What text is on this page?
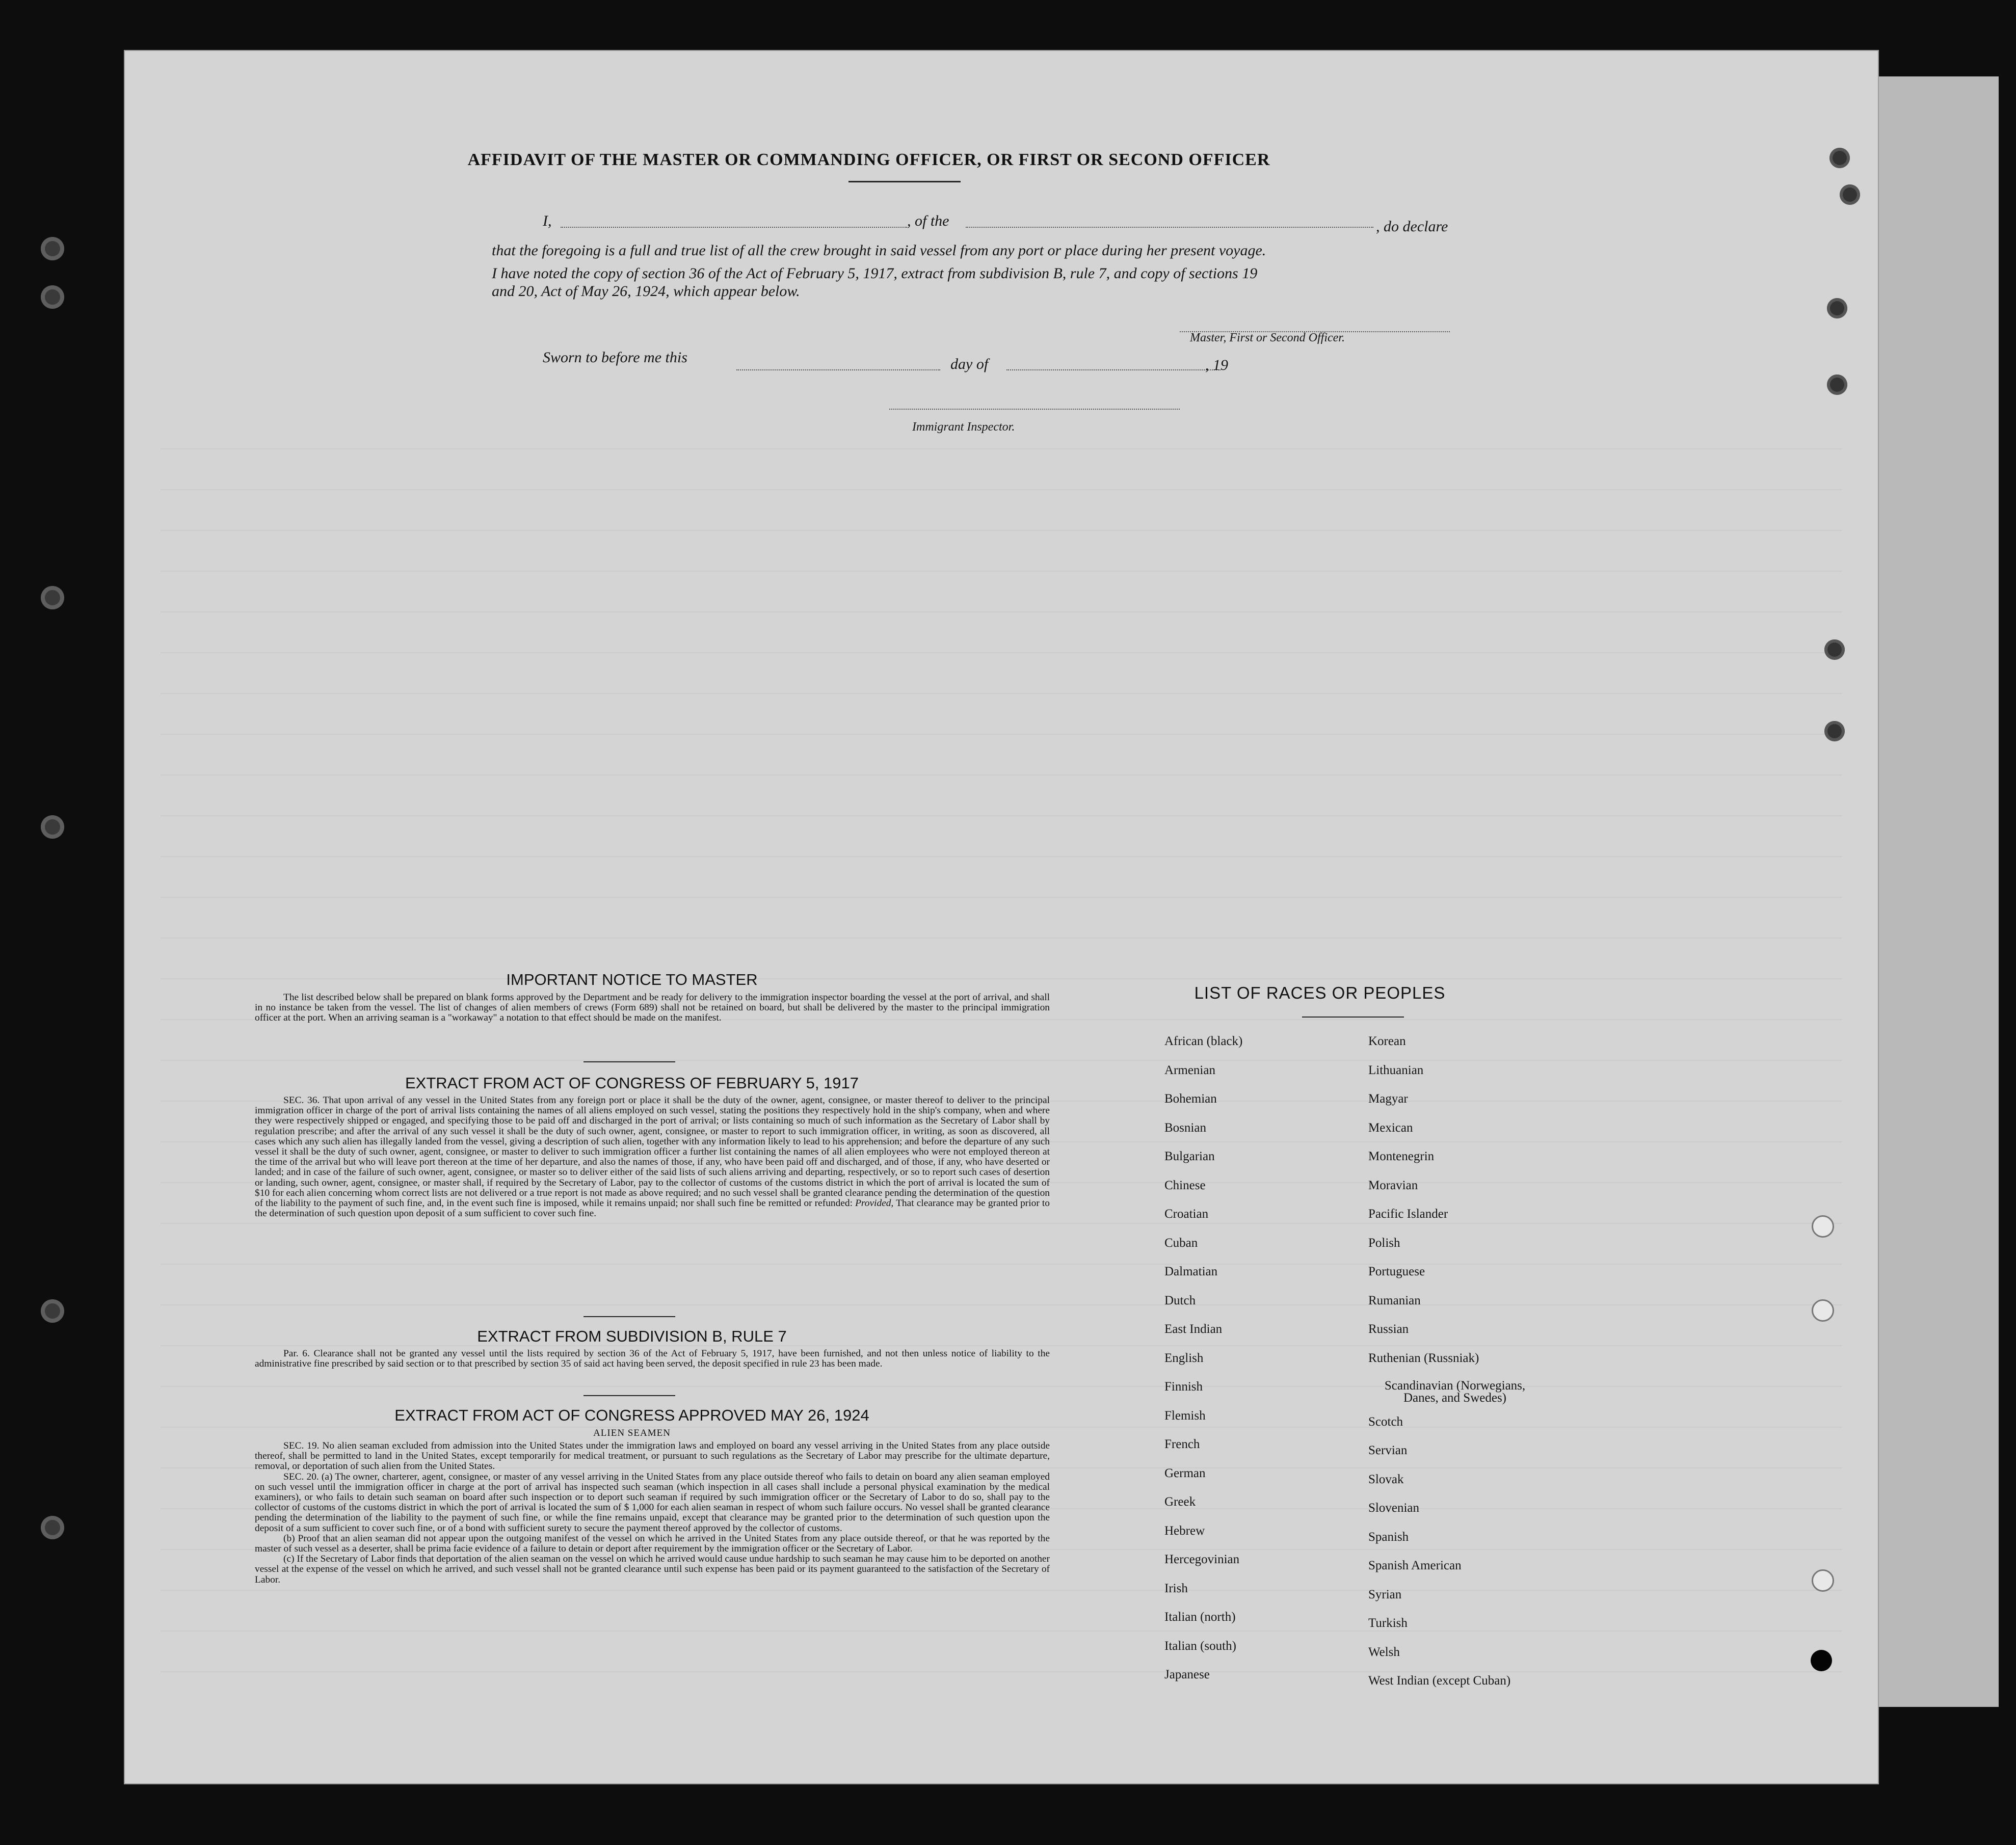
AFFIDAVIT OF THE MASTER OR COMMANDING OFFICER, OR FIRST OR SECOND OFFICER
I,	, of the	, do declare
that the foregoing is a full and true list of all the crew brought in said vessel from any port or place during her present voyage.
I have noted the copy of section 36 of the Act of February 5, 1917, extract from subdivision B, rule 7, and copy of sections 19
and 20, Act of May 26, 1924, which appear below.
Master, First or Second Officer.
Sworn to before me this	day of	, 19
Immigrant Inspector.
IMPORTANT NOTICE TO MASTER

The list described below shall be prepared on blank forms approved by the Department and be ready for delivery to the immigration inspector boarding the vessel at the port of arrival, and shall in no instance be taken from the vessel. The list of changes of alien members of crews (Form 689) shall not be retained on board, but shall be delivered by the master to the principal immigration officer at the port. When an arriving seaman is a "workaway" a notation to that effect should be made on the manifest.

EXTRACT FROM ACT OF CONGRESS OF FEBRUARY 5, 1917

SEC. 36. That upon arrival of any vessel in the United States from any foreign port or place it shall be the duty of the owner, agent, consignee, or master thereof to deliver to the principal immigration officer in charge of the port of arrival lists containing the names of all aliens employed on such vessel, stating the positions they respectively hold in the ship's company, when and where they were respectively shipped or engaged, and specifying those to be paid off and discharged in the port of arrival; or lists containing so much of such information as the Secretary of Labor shall by regulation prescribe; and after the arrival of any such vessel it shall be the duty of such owner, agent, consignee, or master to report to such immigration officer, in writing, as soon as discovered, all cases which any such alien has illegally landed from the vessel, giving a description of such alien, together with any information likely to lead to his apprehension; and before the departure of any such vessel it shall be the duty of such owner, agent, consignee, or master to deliver to such immigration officer a further list containing the names of all alien employees who were not employed thereon at the time of the arrival but who will leave port thereon at the time of her departure, and also the names of those, if any, who have been paid off and discharged, and of those, if any, who have deserted or landed; and in case of the failure of such owner, agent, consignee, or master so to deliver either of the said lists of such aliens arriving and departing, respectively, or so to report such cases of desertion or landing, such owner, agent, consignee, or master shall, if required by the Secretary of Labor, pay to the collector of customs of the customs district in which the port of arrival is located the sum of $10 for each alien concerning whom correct lists are not delivered or a true report is not made as above required; and no such vessel shall be granted clearance pending the determination of the question of the liability to the payment of such fine, and, in the event such fine is imposed, while it remains unpaid; nor shall such fine be remitted or refunded: Provided, That clearance may be granted prior to the determination of such question upon deposit of a sum sufficient to cover such fine.

EXTRACT FROM SUBDIVISION B, RULE 7

Par. 6. Clearance shall not be granted any vessel until the lists required by section 36 of the Act of February 5, 1917, have been furnished, and not then unless notice of liability to the administrative fine prescribed by said section or to that prescribed by section 35 of said act having been served, the deposit specified in rule 23 has been made.

EXTRACT FROM ACT OF CONGRESS APPROVED MAY 26, 1924
ALIEN SEAMEN

SEC. 19. No alien seaman excluded from admission into the United States under the immigration laws and employed on board any vessel arriving in the United States from any place outside thereof, shall be permitted to land in the United States, except temporarily for medical treatment, or pursuant to such regulations as the Secretary of Labor may prescribe for the ultimate departure, removal, or deportation of such alien from the United States.

SEC. 20. (a) The owner, charterer, agent, consignee, or master of any vessel arriving in the United States from any place outside thereof who fails to detain on board any alien seaman employed on such vessel until the immigration officer in charge at the port of arrival has inspected such seaman (which inspection in all cases shall include a personal physical examination by the medical examiners), or who fails to detain such seaman on board after such inspection or to deport such seaman if required by such immigration officer or the Secretary of Labor to do so, shall pay to the collector of customs of the customs district in which the port of arrival is located the sum of $ 1,000 for each alien seaman in respect of whom such failure occurs. No vessel shall be granted clearance pending the determination of the liability to the payment of such fine, or while the fine remains unpaid, except that clearance may be granted prior to the determination of such question upon the deposit of a sum sufficient to cover such fine, or of a bond with sufficient surety to secure the payment thereof approved by the collector of customs.

(b) Proof that an alien seaman did not appear upon the outgoing manifest of the vessel on which he arrived in the United States from any place outside thereof, or that he was reported by the master of such vessel as a deserter, shall be prima facie evidence of a failure to detain or deport after requirement by the immigration officer or the Secretary of Labor.

(c) If the Secretary of Labor finds that deportation of the alien seaman on the vessel on which he arrived would cause undue hardship to such seaman he may cause him to be deported on another vessel at the expense of the vessel on which he arrived, and such vessel shall not be granted clearance until such expense has been paid or its payment guaranteed to the satisfaction of the Secretary of Labor.

LIST OF RACES OR PEOPLES
African (black)
Armenian
Bohemian
Bosnian
Bulgarian
Chinese
Croatian
Cuban
Dalmatian
Dutch
East Indian
English
Finnish
Flemish
French
German
Greek
Hebrew
Hercegovinian
Irish
Italian (north)
Italian (south)
Japanese
Korean
Lithuanian
Magyar
Mexican
Montenegrin
Moravian
Pacific Islander
Polish
Portuguese
Rumanian
Russian
Ruthenian (Russniak)
Scandinavian (Norwegians, Danes, and Swedes)
Scotch
Servian
Slovak
Slovenian
Spanish
Spanish American
Syrian
Turkish
Welsh
West Indian (except Cuban)
